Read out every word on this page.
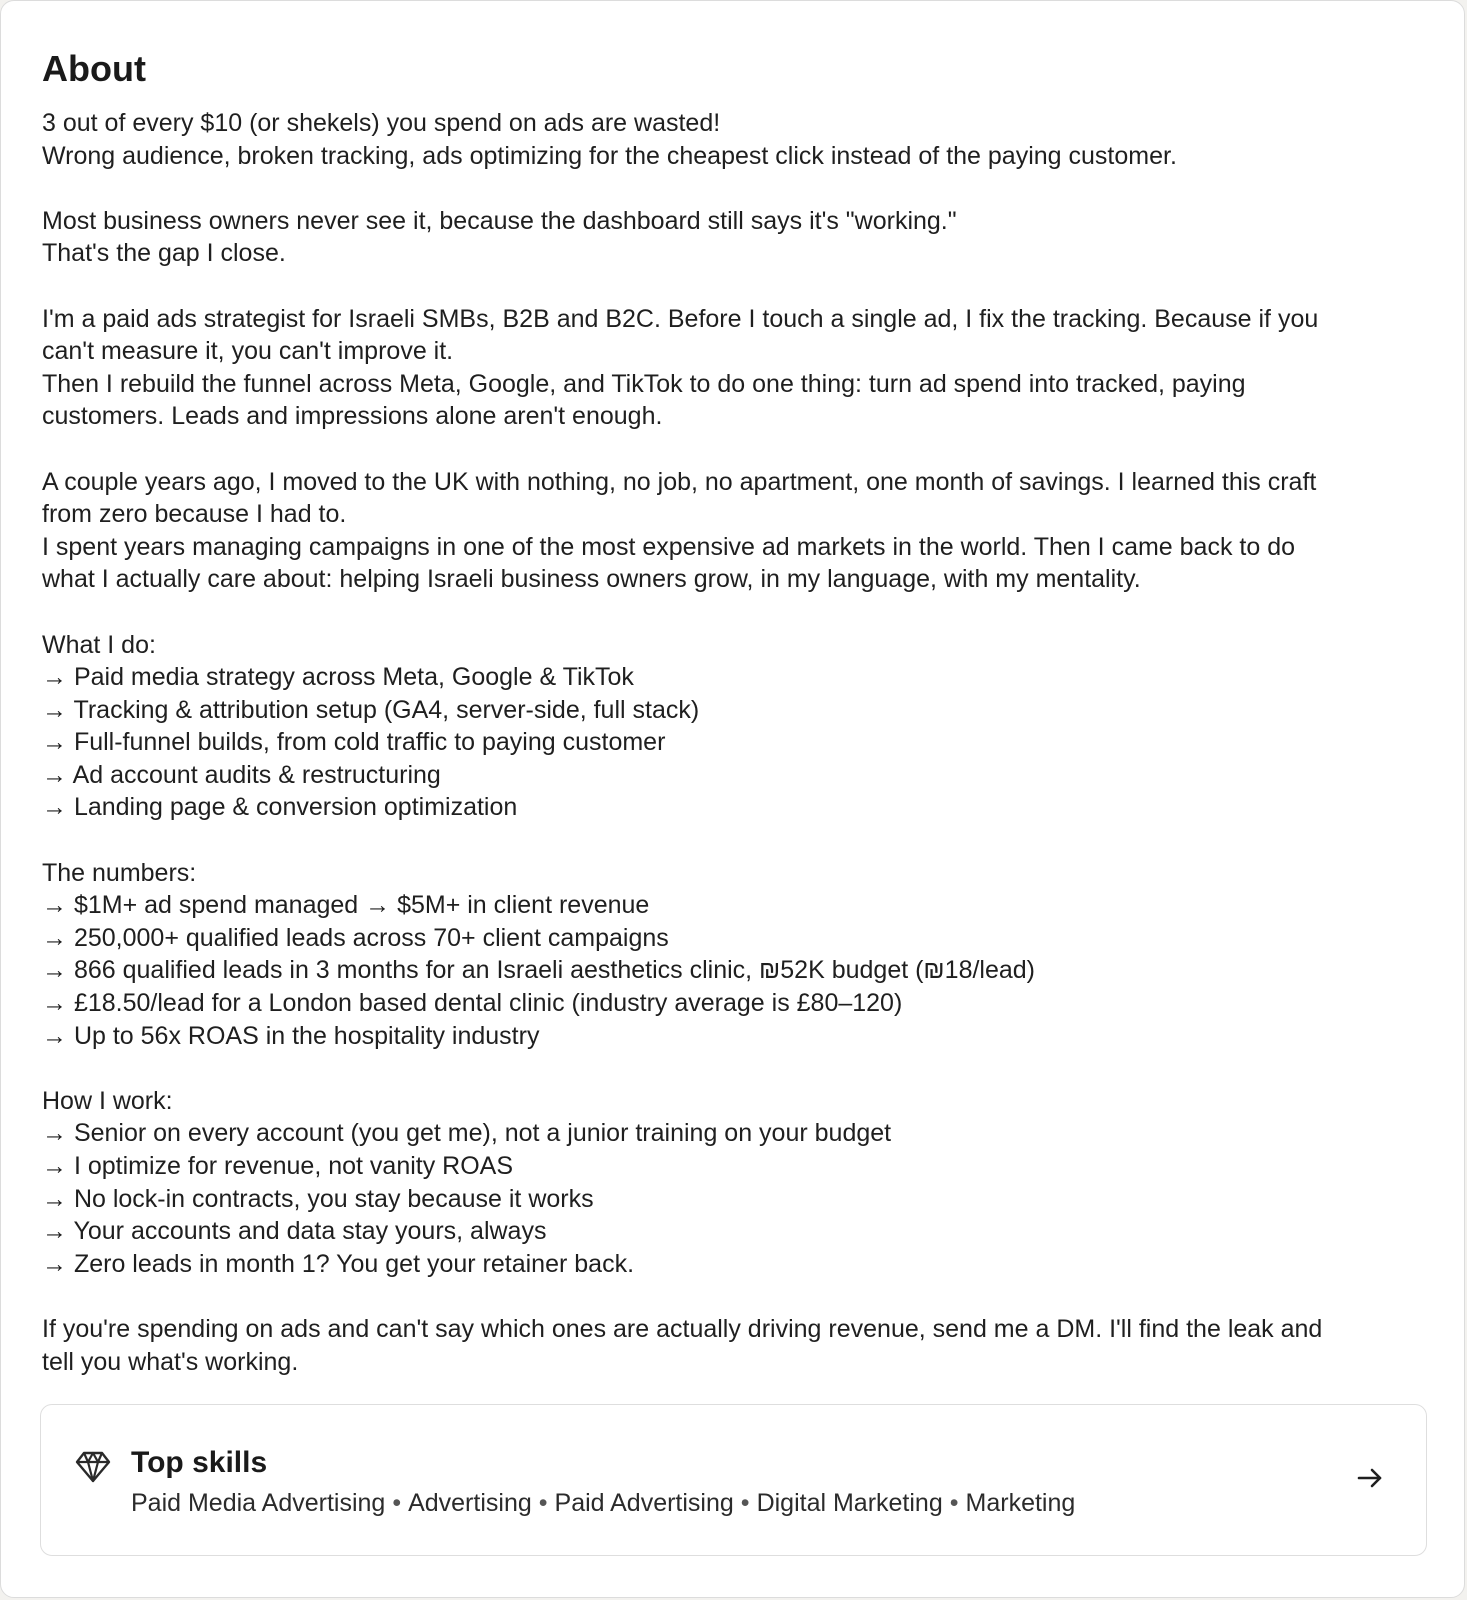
About
3 out of every $10 (or shekels) you spend on ads are wasted!
Wrong audience, broken tracking, ads optimizing for the cheapest click instead of the paying customer.
Most business owners never see it, because the dashboard still says it's "working."
That's the gap I close.
I'm a paid ads strategist for Israeli SMBs, B2B and B2C. Before I touch a single ad, I fix the tracking. Because if you
can't measure it, you can't improve it.
Then I rebuild the funnel across Meta, Google, and TikTok to do one thing: turn ad spend into tracked, paying
customers. Leads and impressions alone aren't enough.
A couple years ago, I moved to the UK with nothing, no job, no apartment, one month of savings. I learned this craft
from zero because I had to.
I spent years managing campaigns in one of the most expensive ad markets in the world. Then I came back to do
what I actually care about: helping Israeli business owners grow, in my language, with my mentality.
What I do:
→ Paid media strategy across Meta, Google & TikTok
→ Tracking & attribution setup (GA4, server-side, full stack)
→ Full-funnel builds, from cold traffic to paying customer
→ Ad account audits & restructuring
→ Landing page & conversion optimization
The numbers:
→ $1M+ ad spend managed → $5M+ in client revenue
→ 250,000+ qualified leads across 70+ client campaigns
→ 866 qualified leads in 3 months for an Israeli aesthetics clinic, ₪52K budget (₪18/lead)
→ £18.50/lead for a London based dental clinic (industry average is £80–120)
→ Up to 56x ROAS in the hospitality industry
How I work:
→ Senior on every account (you get me), not a junior training on your budget
→ I optimize for revenue, not vanity ROAS
→ No lock-in contracts, you stay because it works
→ Your accounts and data stay yours, always
→ Zero leads in month 1? You get your retainer back.
If you're spending on ads and can't say which ones are actually driving revenue, send me a DM. I'll find the leak and
tell you what's working.
Top skills
Paid Media Advertising • Advertising • Paid Advertising • Digital Marketing • Marketing
